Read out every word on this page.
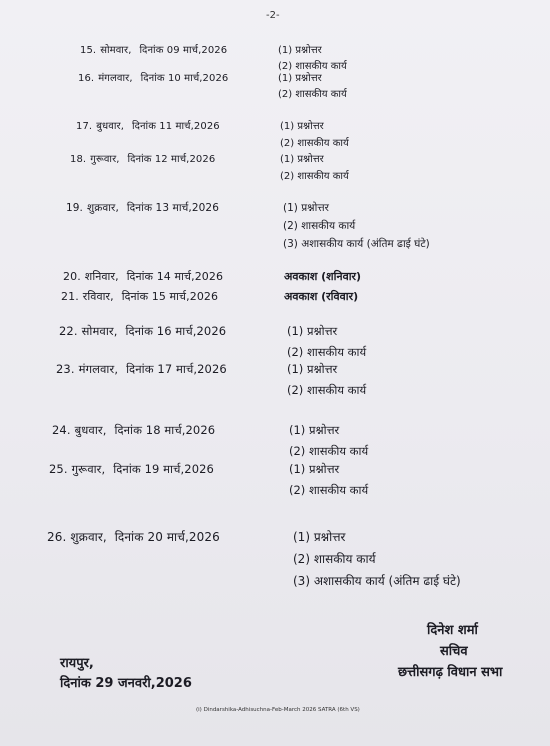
-2-
15. सोमवार, दिनांक 09 मार्च,2026	(1) प्रश्नोत्तर
(2) शासकीय कार्य
16. मंगलवार, दिनांक 10 मार्च,2026	(1) प्रश्नोत्तर
(2) शासकीय कार्य
17. बुधवार, दिनांक 11 मार्च,2026	(1) प्रश्नोत्तर
(2) शासकीय कार्य
18. गुरूवार, दिनांक 12 मार्च,2026	(1) प्रश्नोत्तर
(2) शासकीय कार्य
19. शुक्रवार, दिनांक 13 मार्च,2026	(1) प्रश्नोत्तर
(2) शासकीय कार्य
(3) अशासकीय कार्य (अंतिम ढाई घंटे)
20. शनिवार, दिनांक 14 मार्च,2026	अवकाश (शनिवार)
21. रविवार, दिनांक 15 मार्च,2026	अवकाश (रविवार)
22. सोमवार, दिनांक 16 मार्च,2026	(1) प्रश्नोत्तर
(2) शासकीय कार्य
23. मंगलवार, दिनांक 17 मार्च,2026	(1) प्रश्नोत्तर
(2) शासकीय कार्य
24. बुधवार, दिनांक 18 मार्च,2026	(1) प्रश्नोत्तर
(2) शासकीय कार्य
25. गुरूवार, दिनांक 19 मार्च,2026	(1) प्रश्नोत्तर
(2) शासकीय कार्य
26. शुक्रवार, दिनांक 20 मार्च,2026	(1) प्रश्नोत्तर
(2) शासकीय कार्य
(3) अशासकीय कार्य (अंतिम ढाई घंटे)
दिनेश शर्मा
सचिव
छत्तीसगढ़ विधान सभा
रायपुर,
दिनांक 29 जनवरी,2026
(i) Dindarshika-Adhisuchna-Feb-March 2026 SATRA (6th VS)
